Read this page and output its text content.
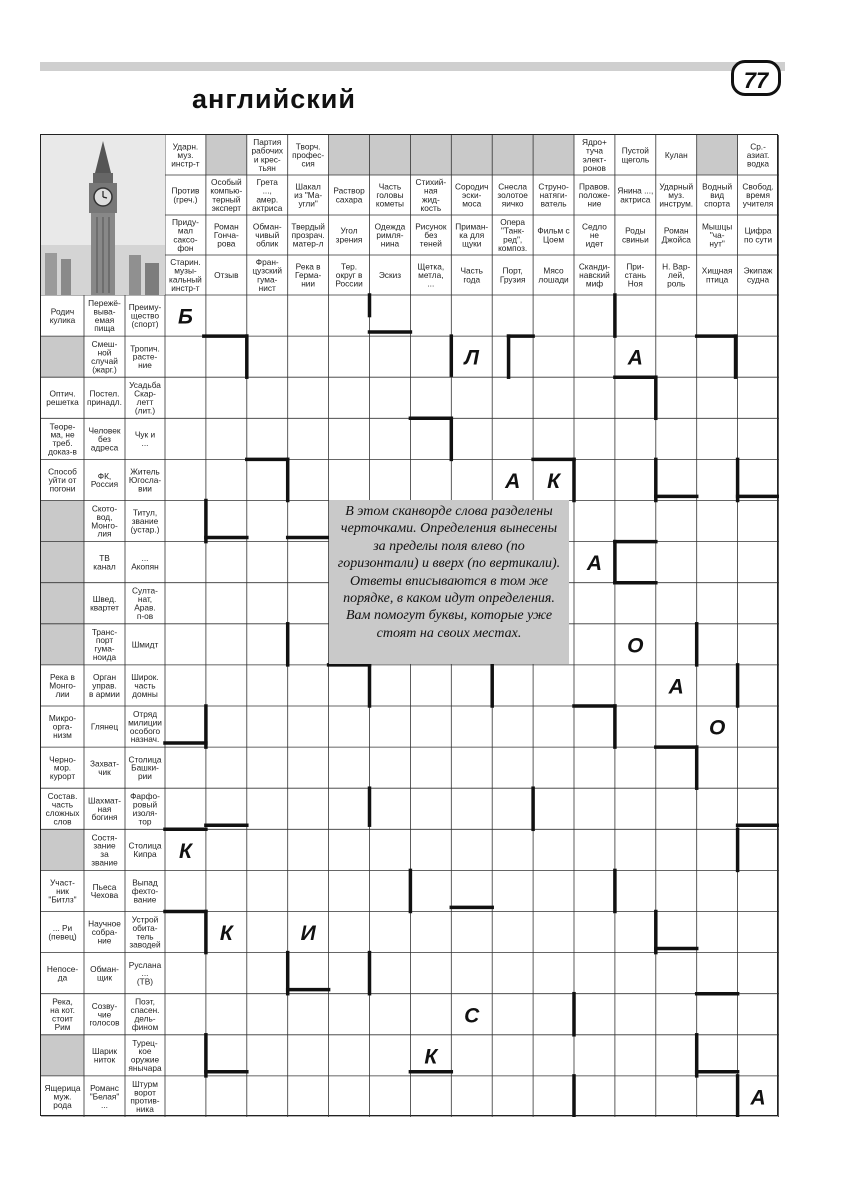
английский
77
Ударн. муз. инстр-т
Против (греч.)
Приду-мал саксо-фон
Старин. музы-кальный инстр-т
Особый компью-терный эксперт
Роман Гонча-рова
Отзыв
Партия рабочих и крес-тьян
Грета ..., амер. актриса
Обман-чивый облик
Фран-цузский гума-нист
Творч. профес-сия
Шакал из "Ма-угли"
Твердый прозрач. матер-л
Река в Герма-нии
Раствор сахара
Угол зрения
Тер. округ в России
Часть головы кометы
Одежда римля-нина
Эскиз
Стихий-ная жид-кость
Рисунок без теней
Щетка, метла, ...
Сородич эски-моса
Приман-ка для щуки
Часть года
Снесла золотое яичко
Опера "Танк-ред", композ.
Порт, Грузия
Струно-натяги-ватель
Фильм с Цоем
Мясо лошади
Ядро+ туча элект-ронов
Правов. положе-ние
Седло не идет
Сканди-навский миф
Пустой щеголь
Янина ..., актриса
Роды свиньи
При-стань Ноя
Кулан
Ударный муз. инструм.
Роман Джойса
Н. Вар-лей, роль
Водный вид спорта
Мышцы "ча-нут"
Хищная птица
Ср.-азиат. водка
Свобод. время учителя
Цифра по сути
Экипаж судна
Родич кулика
Пережё-выва-емая пища
Преиму-щество (спорт)
Смеш-ной случай (жарг.)
Тропич. расте-ние
Оптич. решетка
Постел. принадл.
Усадьба Скар-летт (лит.)
Теоре-ма, не треб. доказ-в
Человек без адреса
Чук и ...
Способ уйти от погони
ФК, Россия
Житель Югосла-вии
Ското-вод, Монго-лия
Титул, звание (устар.)
ТВ канал
... Акопян
Швед. квартет
Султа-нат, Арав. п-ов
Транс-порт гума-ноида
Шмидт
Река в Монго-лии
Орган управ. в армии
Широк. часть домны
Микро-орга-низм
Глянец
Отряд милиции особого назнач.
Черно-мор. курорт
Захват-чик
Столица Башки-рии
Состав. часть сложных слов
Шахмат-ная богиня
Фарфо-ровый изоля-тор
Состя-зание за звание
Столица Кипра
Участ-ник "Битлз"
Пьеса Чехова
Выпад фехто-вание
... Ри (певец)
Научное собра-ние
Устрой обита-тель заводей
Непосе-да
Обман-щик
Руслана ... (ТВ)
Река, на кот. стоит Рим
Созву-чие голосов
Поэт, спасен. дель-фином
Шарик ниток
Турец-кое оружие янычара
Ящерица муж. рода
Романс "Белая" ...
Штурм ворот против-ника
Б
Л	А
А К
А
О
А
О
К
К	И
С
К
А
В этом сканворде слова разделены черточками. Определения вынесены за пределы поля влево (по горизонтали) и вверх (по вертикали). Ответы вписываются в том же порядке, в каком идут определения. Вам помогут буквы, которые уже стоят на своих местах.
